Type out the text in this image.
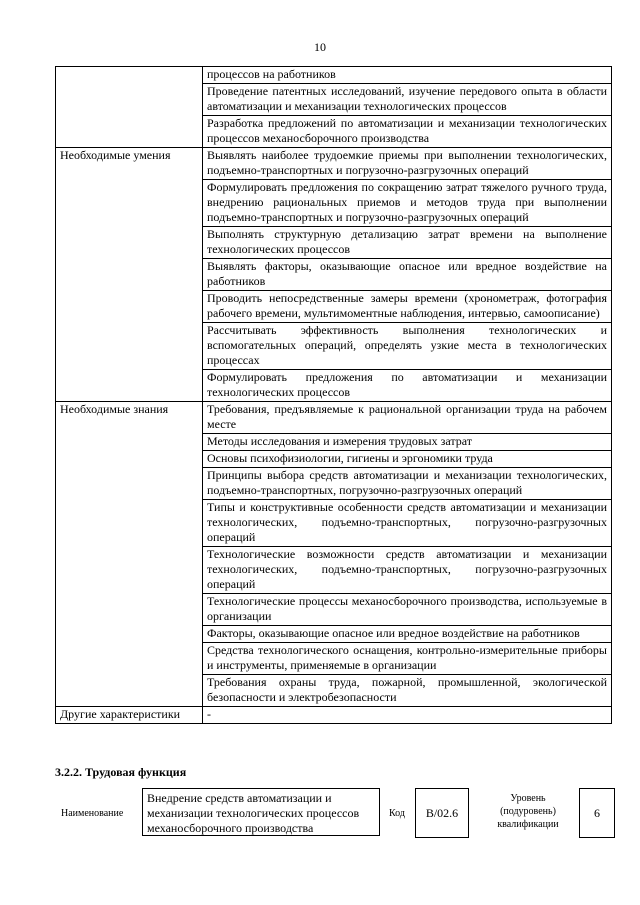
10
	процессов на работников
	Проведение патентных исследований, изучение передового опыта в области автоматизации и механизации технологических процессов
	Разработка предложений по автоматизации и механизации технологических процессов механосборочного производства
Необходимые умения	Выявлять наиболее трудоемкие приемы при выполнении технологических, подъемно-транспортных и погрузочно-разгрузочных операций
	Формулировать предложения по сокращению затрат тяжелого ручного труда, внедрению рациональных приемов и методов труда при выполнении подъемно-транспортных и погрузочно-разгрузочных операций
	Выполнять структурную детализацию затрат времени на выполнение технологических процессов
	Выявлять факторы, оказывающие опасное или вредное воздействие на работников
	Проводить непосредственные замеры времени (хронометраж, фотография рабочего времени, мультимоментные наблюдения, интервью, самоописание)
	Рассчитывать эффективность выполнения технологических и вспомогательных операций, определять узкие места в технологических процессах
	Формулировать предложения по автоматизации и механизации технологических процессов
Необходимые знания	Требования, предъявляемые к рациональной организации труда на рабочем месте
	Методы исследования и измерения трудовых затрат
	Основы психофизиологии, гигиены и эргономики труда
	Принципы выбора средств автоматизации и механизации технологических, подъемно-транспортных, погрузочно-разгрузочных операций
	Типы и конструктивные особенности средств автоматизации и механизации технологических, подъемно-транспортных, погрузочно-разгрузочных операций
	Технологические возможности средств автоматизации и механизации технологических, подъемно-транспортных, погрузочно-разгрузочных операций
	Технологические процессы механосборочного производства, используемые в организации
	Факторы, оказывающие опасное или вредное воздействие на работников
	Средства технологического оснащения, контрольно-измерительные приборы и инструменты, применяемые в организации
	Требования охраны труда, пожарной, промышленной, экологической безопасности и электробезопасности
Другие характеристики	-
3.2.2. Трудовая функция
Наименование
Внедрение средств автоматизации и механизации технологических процессов механосборочного производства
Код	В/02.6
Уровень (подуровень) квалификации
6
